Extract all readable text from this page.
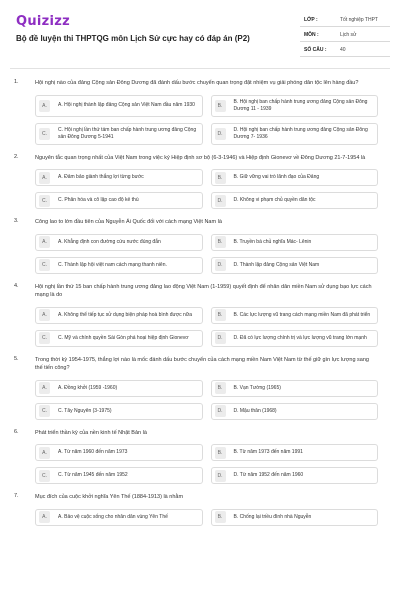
Quizizz
Bộ đề luyện thi THPTQG môn Lịch Sử cực hay có đáp án (P2)
LỚP :	Tốt nghiệp THPT
MÔN :	Lịch sử
SỐ CÂU :	40
1.	Hội nghị nào của đảng Cộng sản Đông Dương đã đánh dấu bước chuyển quan trọng đặt nhiệm vụ giải phóng dân tộc lên hàng đầu?
A.	A. Hội nghị thành lập đảng Cộng sản Việt Nam đầu năm 1930	B.
B. Hội nghị ban chấp hành trung ương đảng Cộng sản Đông Dương 11 - 1939
C.
C. Hội nghị lần thứ tám ban chấp hành trung ương đảng Cộng sản Đông Dương 5-1941	D.
D. Hội nghị ban chấp hành trung ương đảng Cộng sản Đông Dương 7- 1936
2.	Nguyên tắc quan trọng nhất của Việt Nam trong việc ký Hiệp định sơ bộ (6-3-1946) và Hiệp định Gionevơ về Đông Dương 21-7-1954 là
A.	A. Đảm bảo giành thắng lợi từng bước	B.	B. Giữ vững vai trò lãnh đạo của Đảng
C.	C. Phân hóa và cô lập cao độ kẻ thù	D.	D. Không vi phạm chủ quyền dân tộc
3.	Công lao to lớn đầu tiên của Nguyễn Ái Quốc đối với cách mạng Việt Nam là
A.	A. Khẳng định con đường cứu nước đúng đắn	B.	B. Truyền bá chủ nghĩa Mác- Lênin
C.	C. Thành lập hội việt nam cách mạng thanh niên.	D.	D. Thành lập đảng Cộng sản Việt Nam
4.	Hội nghị lần thứ 15 ban chấp hành trung ương đảng lao động Việt Nam (1-1959) quyết định để nhân dân miền Nam sử dụng bạo lực cách mạng là do
A.	A. Không thể tiếp tục sử dụng biện pháp hoà bình được nữa	B.	B. Các lực lượng vũ trang cách mạng miền Nam đã phát triển
C.	C. Mỹ và chính quyền Sài Gòn phá hoại hiệp định Gionevơ	D.	D. Đã có lực lượng chính trị và lực lượng vũ trang lớn mạnh
5.	Trong thời kỳ 1954-1975, thắng lợi nào là mốc đánh dấu bước chuyển của cách mạng miền Nam Việt Nam từ thế giữ gìn lực lượng sang thế tiến công?
A.	A. Đồng khởi (1959 -1960)	B.	B. Vạn Tường (1965)
C.	C. Tây Nguyên (3-1975)	D.	D. Mậu thân (1968)
6.	Phát triển thần kỳ của nền kinh tế Nhật Bản là
A.	A. Từ năm 1960 đến năm 1973	B.	B. Từ năm 1973 đến năm 1991
C.	C. Từ năm 1945 đến năm 1952	D.	D. Từ năm 1952 đến năm 1960
7.	Mục đích của cuộc khởi nghĩa Yên Thế (1884-1913) là nhằm
A.	A. Bảo vệ cuộc sống cho nhân dân vùng Yên Thế	B.	B. Chống lại triều đình nhà Nguyễn
